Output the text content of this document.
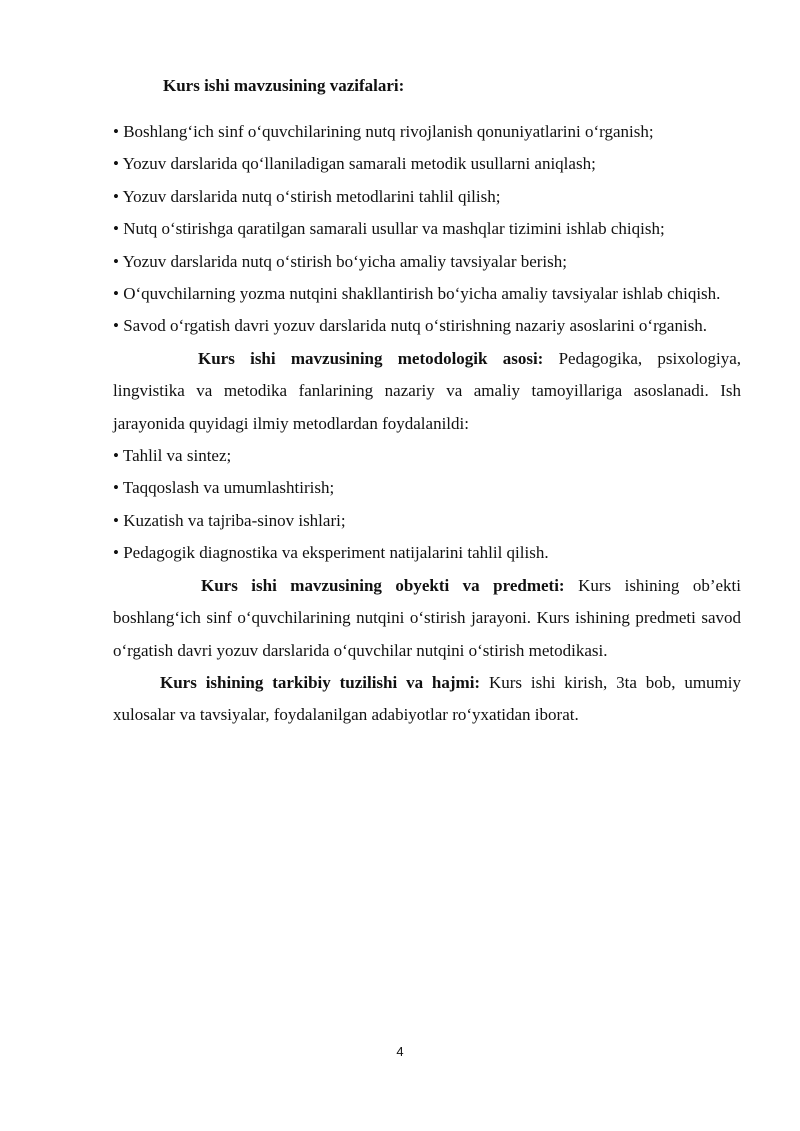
Kurs ishi mavzusining vazifalari:

• Boshlang‘ich sinf o‘quvchilarining nutq rivojlanish qonuniyatlarini o‘rganish;

• Yozuv darslarida qo‘llaniladigan samarali metodik usullarni aniqlash;

• Yozuv darslarida nutq o‘stirish metodlarini tahlil qilish;

• Nutq o‘stirishga qaratilgan samarali usullar va mashqlar tizimini ishlab chiqish;

• Yozuv darslarida nutq o‘stirish bo‘yicha amaliy tavsiyalar berish;

• O‘quvchilarning yozma nutqini shakllantirish bo‘yicha amaliy tavsiyalar ishlab chiqish.

• Savod o‘rgatish davri yozuv darslarida nutq o‘stirishning nazariy asoslarini o‘rganish.

Kurs ishi mavzusining metodologik asosi: Pedagogika, psixologiya, lingvistika va metodika fanlarining nazariy va amaliy tamoyillariga asoslanadi. Ish jarayonida quyidagi ilmiy metodlardan foydalanildi:

• Tahlil va sintez;

• Taqqoslash va umumlashtirish;

• Kuzatish va tajriba-sinov ishlari;

• Pedagogik diagnostika va eksperiment natijalarini tahlil qilish.

Kurs ishi mavzusining obyekti va predmeti: Kurs ishining ob’ekti boshlang‘ich sinf o‘quvchilarining nutqini o‘stirish jarayoni. Kurs ishining predmeti savod o‘rgatish davri yozuv darslarida o‘quvchilar nutqini o‘stirish metodikasi.

Kurs ishining tarkibiy tuzilishi va hajmi: Kurs ishi kirish, 3ta bob, umumiy xulosalar va tavsiyalar, foydalanilgan adabiyotlar ro‘yxatidan iborat.

4
